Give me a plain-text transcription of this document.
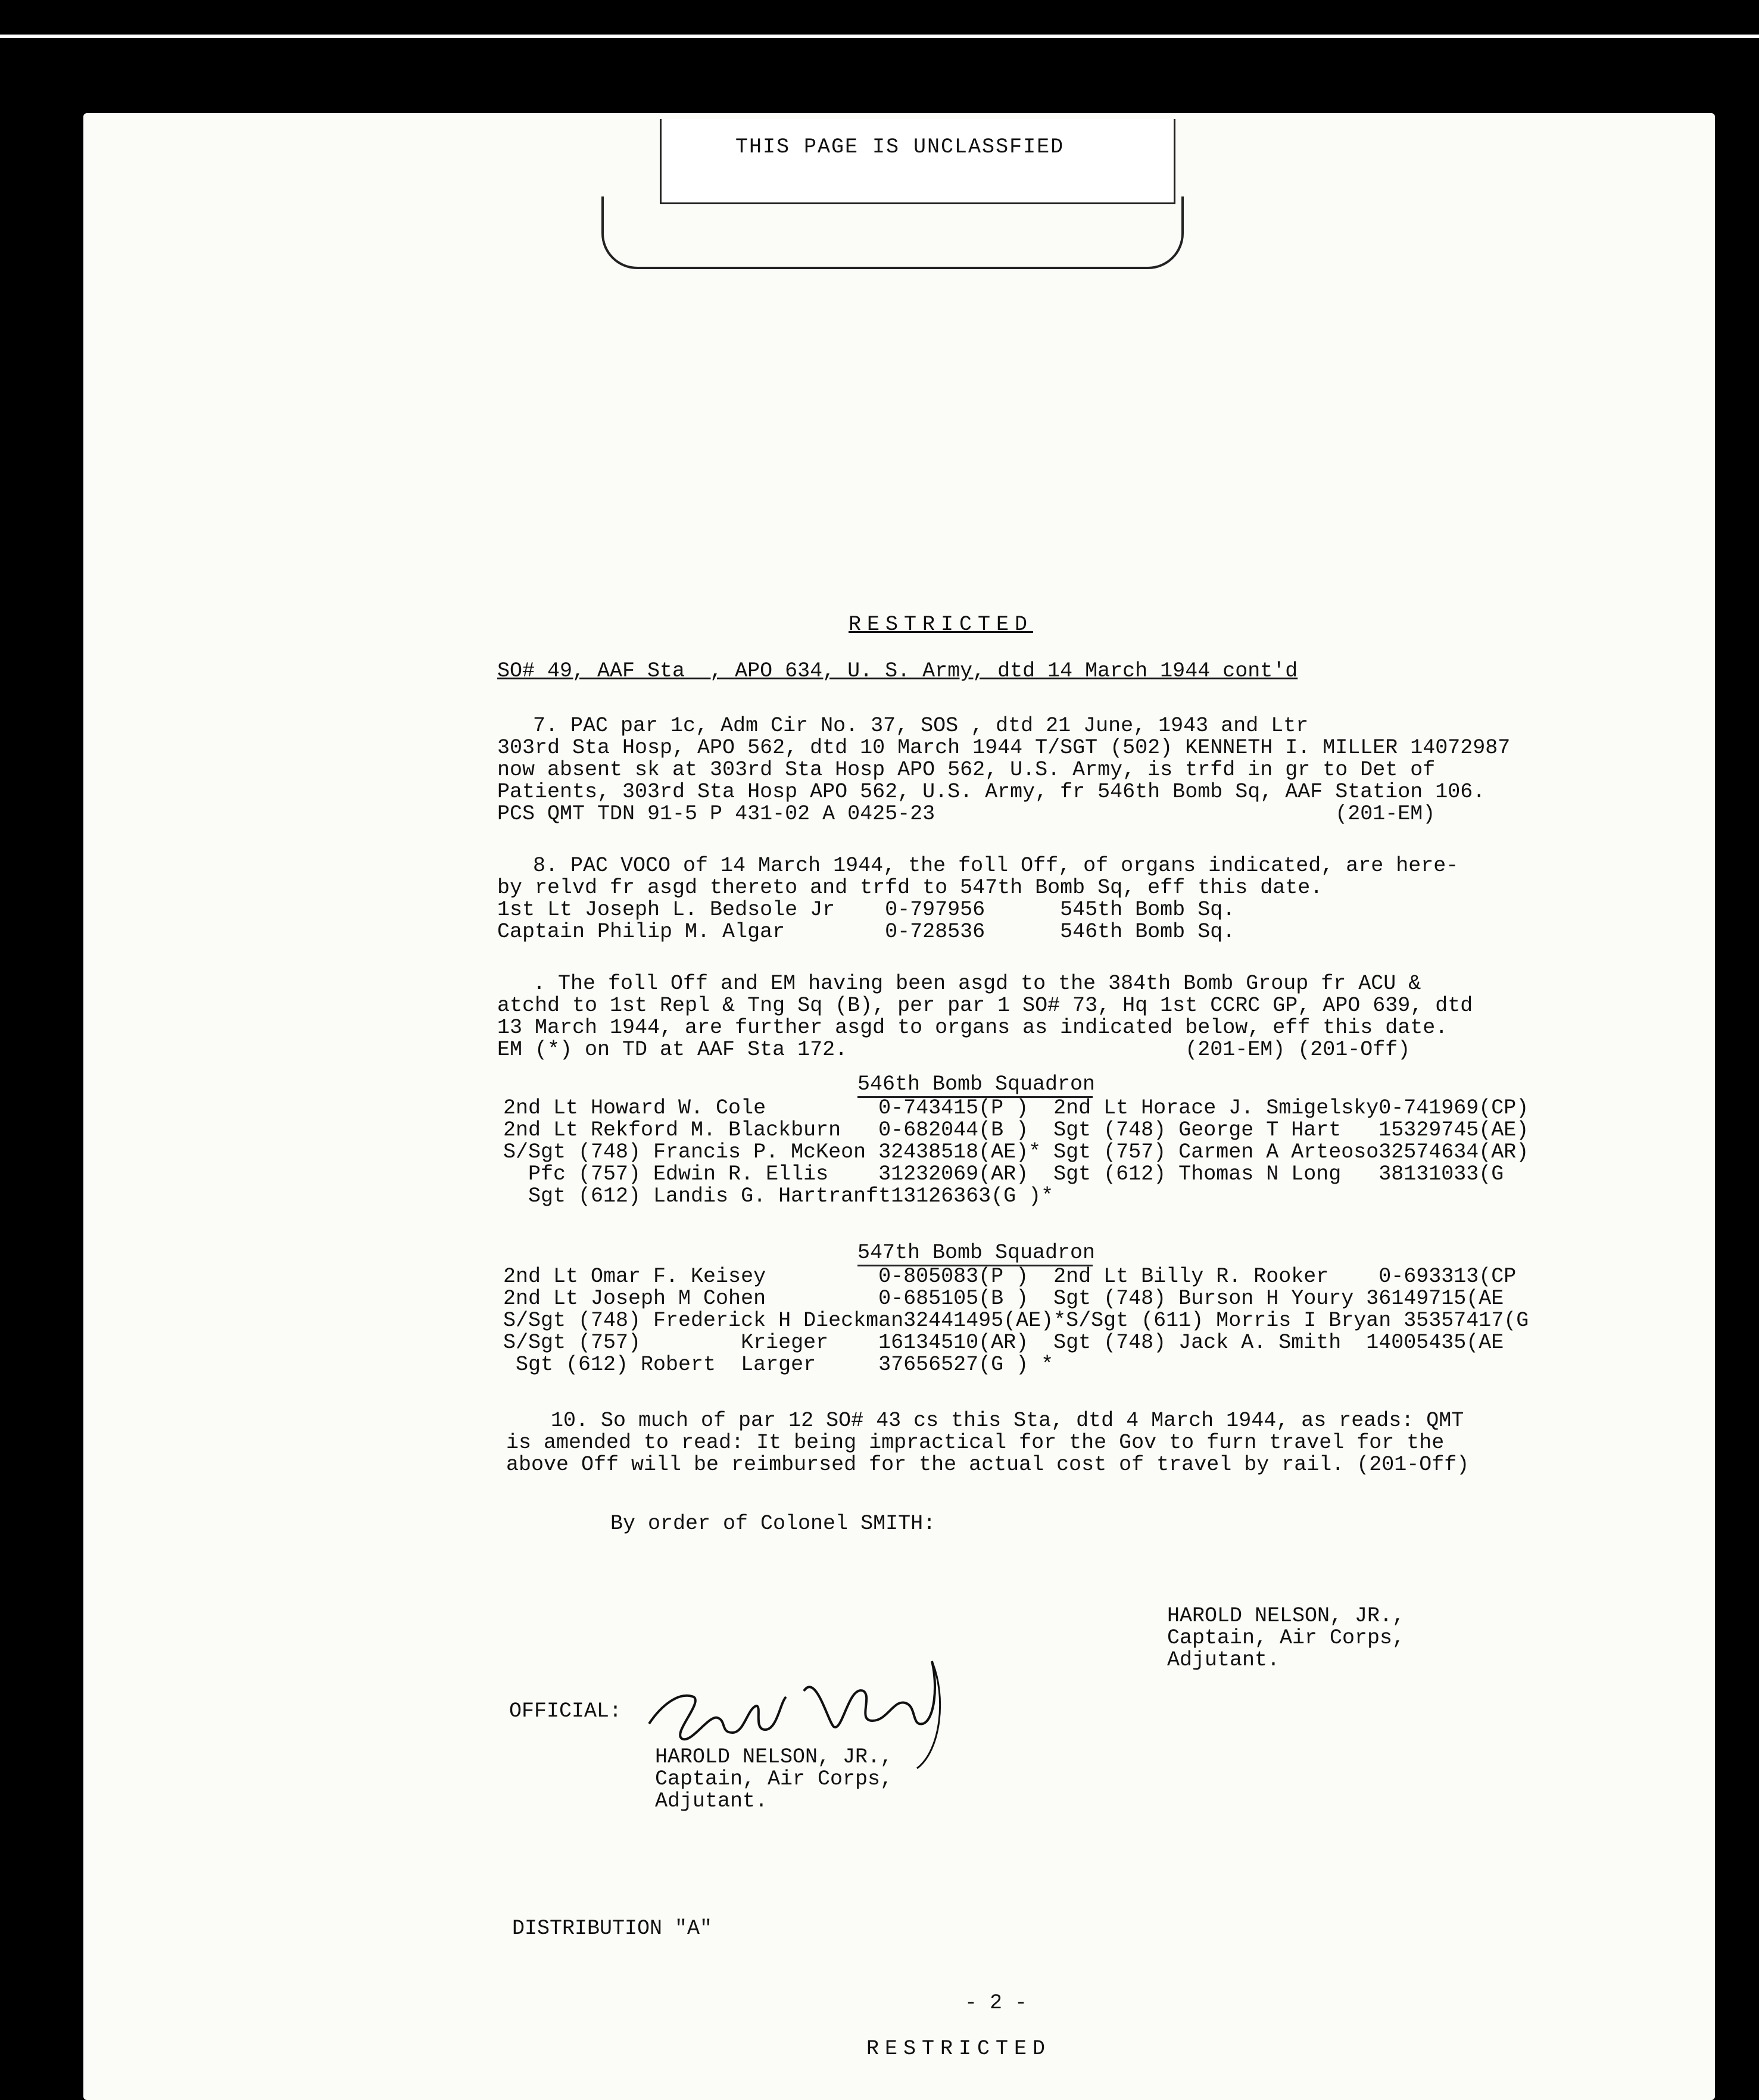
THIS PAGE IS UNCLASSFIED
RESTRICTED
SO# 49, AAF Sta  , APO 634, U. S. Army, dtd 14 March 1944 cont'd
7. PAC par 1c, Adm Cir No. 37, SOS , dtd 21 June, 1943 and Ltr
303rd Sta Hosp, APO 562, dtd 10 March 1944 T/SGT (502) KENNETH I. MILLER 14072987
now absent sk at 303rd Sta Hosp APO 562, U.S. Army, is trfd in gr to Det of
Patients, 303rd Sta Hosp APO 562, U.S. Army, fr 546th Bomb Sq, AAF Station 106.
PCS QMT TDN 91-5 P 431-02 A 0425-23                                (201-EM)
8. PAC VOCO of 14 March 1944, the foll Off, of organs indicated, are here-
by relvd fr asgd thereto and trfd to 547th Bomb Sq, eff this date.
1st Lt Joseph L. Bedsole Jr    0-797956      545th Bomb Sq.
Captain Philip M. Algar        0-728536      546th Bomb Sq.
. The foll Off and EM having been asgd to the 384th Bomb Group fr ACU &
atchd to 1st Repl & Tng Sq (B), per par 1 SO# 73, Hq 1st CCRC GP, APO 639, dtd
13 March 1944, are further asgd to organs as indicated below, eff this date.
EM (*) on TD at AAF Sta 172.                           (201-EM) (201-Off)
546th Bomb Squadron
2nd Lt Howard W. Cole         0-743415(P )  2nd Lt Horace J. Smigelsky0-741969(CP)
2nd Lt Rekford M. Blackburn   0-682044(B )  Sgt (748) George T Hart   15329745(AE)
S/Sgt (748) Francis P. McKeon 32438518(AE)* Sgt (757) Carmen A Arteoso32574634(AR)
Pfc (757) Edwin R. Ellis    31232069(AR)  Sgt (612) Thomas N Long   38131033(G
Sgt (612) Landis G. Hartranft13126363(G )*
547th Bomb Squadron
2nd Lt Omar F. Keisey         0-805083(P )  2nd Lt Billy R. Rooker    0-693313(CP
2nd Lt Joseph M Cohen         0-685105(B )  Sgt (748) Burson H Youry 36149715(AE
S/Sgt (748) Frederick H Dieckman32441495(AE)*S/Sgt (611) Morris I Bryan 35357417(G
S/Sgt (757)        Krieger    16134510(AR)  Sgt (748) Jack A. Smith  14005435(AE
Sgt (612) Robert  Larger     37656527(G ) *
10. So much of par 12 SO# 43 cs this Sta, dtd 4 March 1944, as reads: QMT
is amended to read: It being impractical for the Gov to furn travel for the
above Off will be reimbursed for the actual cost of travel by rail. (201-Off)
By order of Colonel SMITH:
HAROLD NELSON, JR.,
Captain, Air Corps,
Adjutant.
OFFICIAL:
HAROLD NELSON, JR.,
Captain, Air Corps,
Adjutant.
DISTRIBUTION "A"
- 2 -
RESTRICTED
